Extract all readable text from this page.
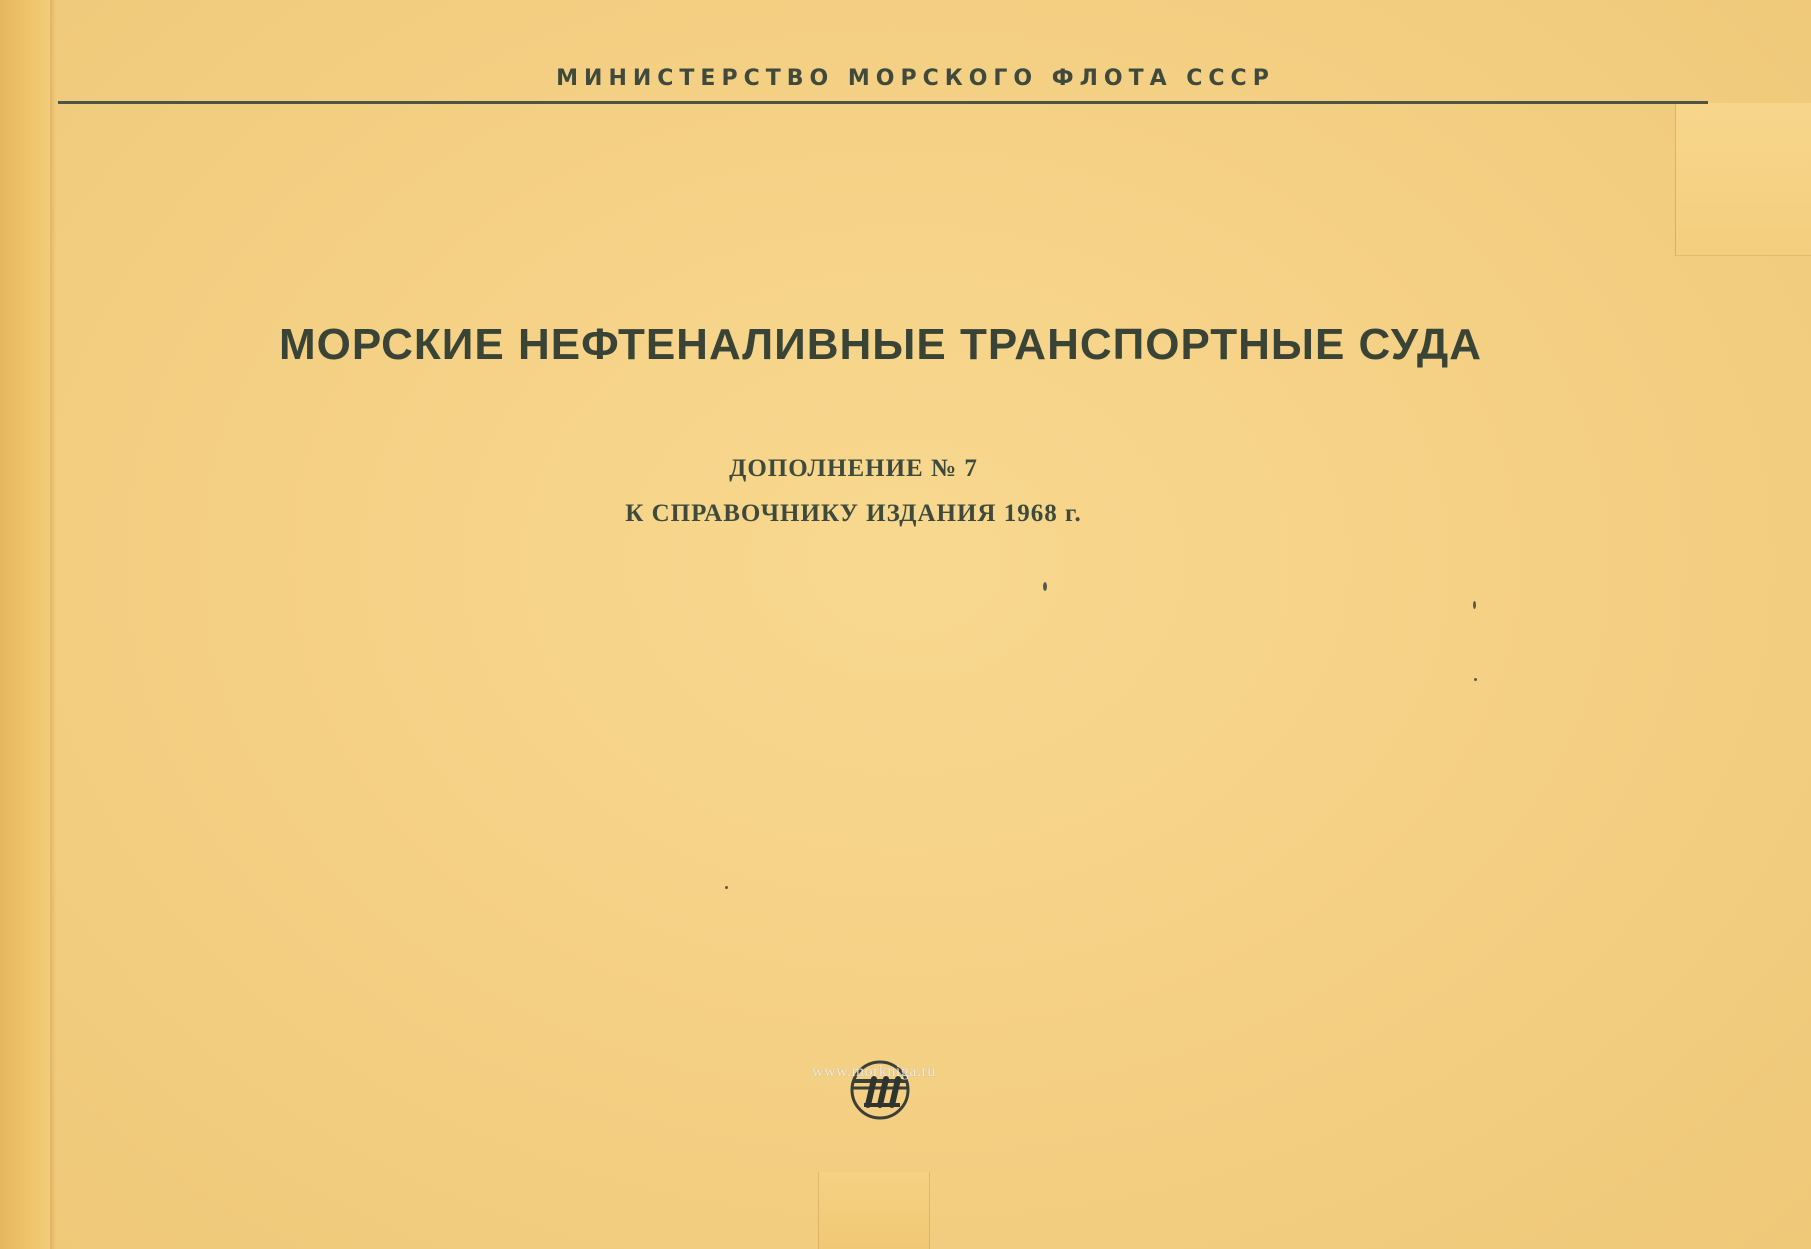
МИНИСТЕРСТВО МОРСКОГО ФЛОТА СССР
МОРСКИЕ НЕФТЕНАЛИВНЫЕ ТРАНСПОРТНЫЕ СУДА
ДОПОЛНЕНИЕ № 7
К СПРАВОЧНИКУ ИЗДАНИЯ 1968 г.
www.morkniga.ru
